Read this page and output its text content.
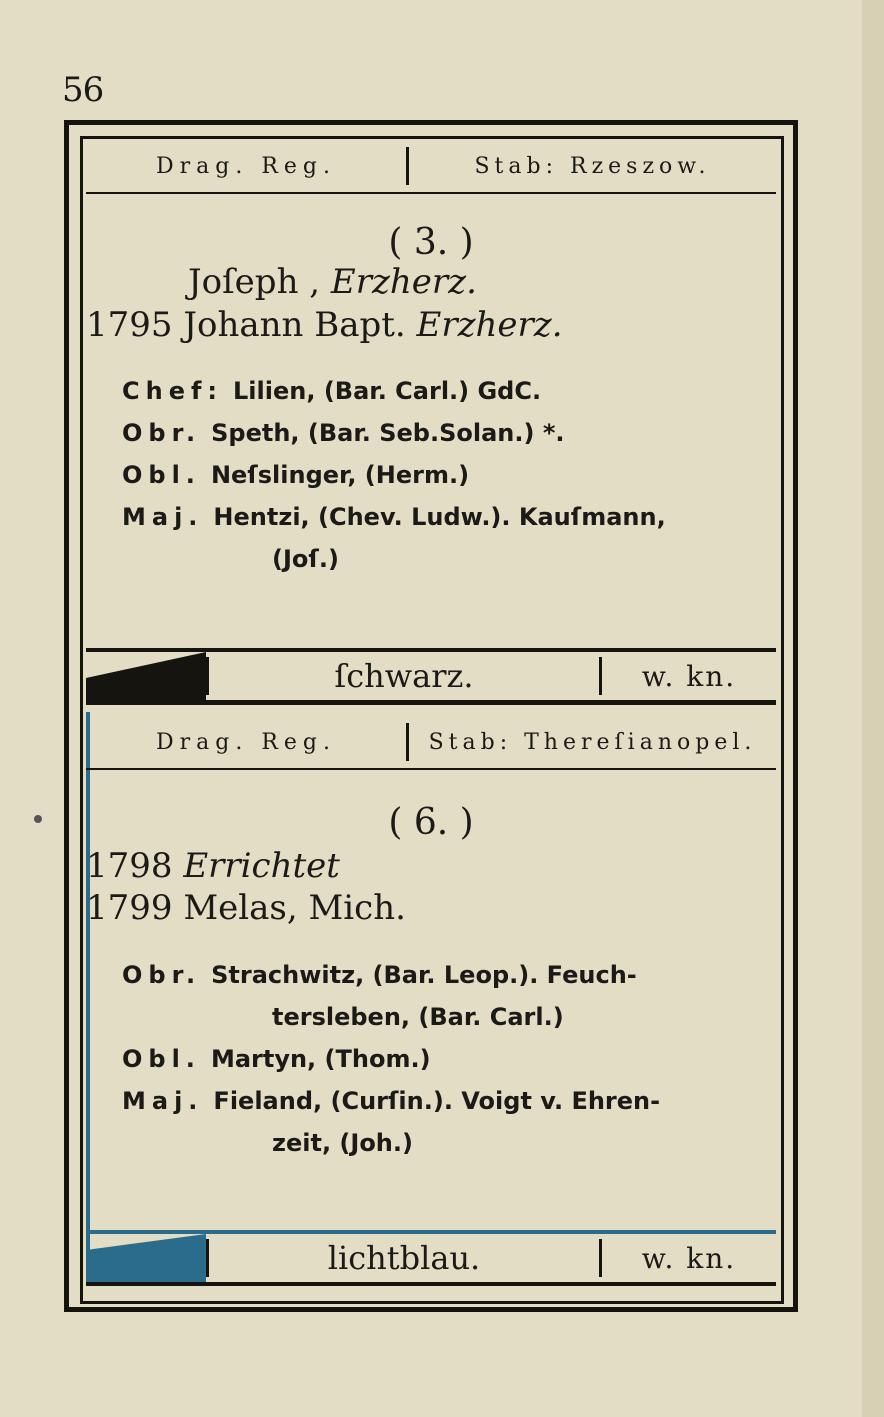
56
Drag. Reg.	Stab: Rzeszow.
( 3. )
Joſeph , Erzherz.
1795 Johann Bapt. Erzherz.
Chef: Lilien, (Bar. Carl.) GdC.
Obr. Speth, (Bar. Seb.Solan.) *.
Obl. Neſslinger, (Herm.)
Maj. Hentzi, (Chev. Ludw.). Kauſmann,
(Joſ.)
ſchwarz.	w. kn.
Drag. Reg.	Stab: Thereſianopel.
( 6. )
1798 Errichtet
1799 Melas, Mich.
Obr. Strachwitz, (Bar. Leop.). Feuch-
tersleben, (Bar. Carl.)
Obl. Martyn, (Thom.)
Maj. Fieland, (Curſin.). Voigt v. Ehren-
zeit, (Joh.)
lichtblau.	w. kn.
